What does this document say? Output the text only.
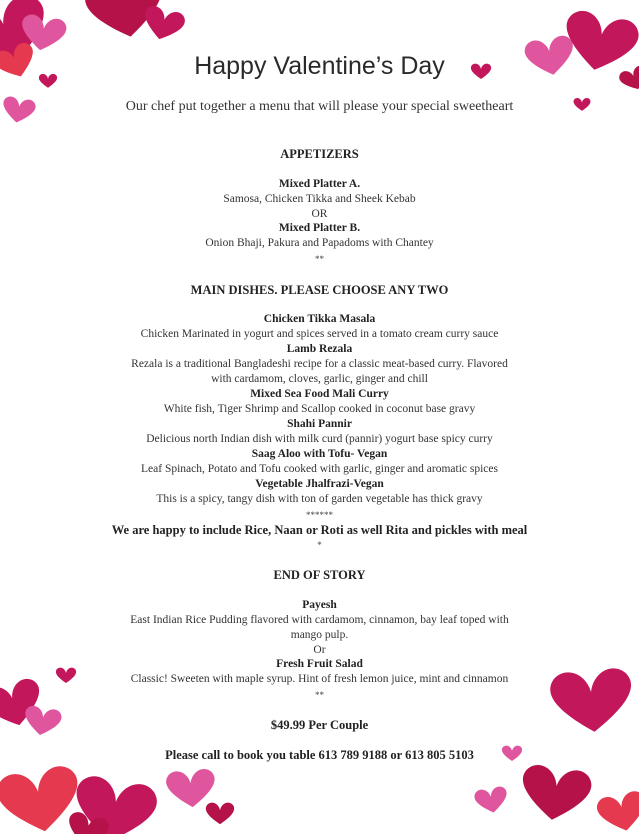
Happy Valentine’s Day
Our chef put together a menu that will please your special sweetheart
APPETIZERS
Mixed Platter A.
Samosa, Chicken Tikka and Sheek Kebab
OR
Mixed Platter B.
Onion Bhaji, Pakura and Papadoms with Chantey
**
MAIN DISHES. PLEASE CHOOSE ANY TWO
Chicken Tikka Masala
Chicken Marinated in yogurt and spices served in a tomato cream curry sauce
Lamb Rezala
Rezala is a traditional Bangladeshi recipe for a classic meat-based curry. Flavored
with cardamom, cloves, garlic, ginger and chill
Mixed Sea Food Mali Curry
White fish, Tiger Shrimp and Scallop cooked in coconut base gravy
Shahi Pannir
Delicious north Indian dish with milk curd (pannir) yogurt base spicy curry
Saag Aloo with Tofu- Vegan
Leaf Spinach, Potato and Tofu cooked with garlic, ginger and aromatic spices
Vegetable Jhalfrazi-Vegan
This is a spicy, tangy dish with ton of garden vegetable has thick gravy
******
We are happy to include Rice, Naan or Roti as well Rita and pickles with meal
*
END OF STORY
Payesh
East Indian Rice Pudding flavored with cardamom, cinnamon, bay leaf toped with
mango pulp.
Or
Fresh Fruit Salad
Classic! Sweeten with maple syrup. Hint of fresh lemon juice, mint and cinnamon
**
$49.99 Per Couple
Please call to book you table 613 789 9188 or 613 805 5103
